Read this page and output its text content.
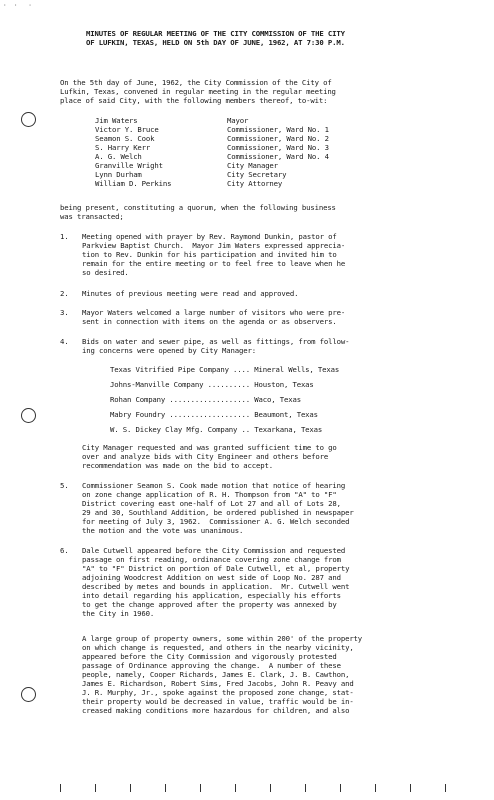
·  ·   ·
MINUTES OF REGULAR MEETING OF THE CITY COMMISSION OF THE CITY
OF LUFKIN, TEXAS, HELD ON 5th DAY OF JUNE, 1962, AT 7:30 P.M.
On the 5th day of June, 1962, the City Commission of the City of
Lufkin, Texas, convened in regular meeting in the regular meeting
place of said City, with the following members thereof, to-wit:
Jim Waters	Mayor
Victor Y. Bruce	Commissioner, Ward No. 1
Seamon S. Cook	Commissioner, Ward No. 2
S. Harry Kerr	Commissioner, Ward No. 3
A. G. Welch	Commissioner, Ward No. 4
Granville Wright	City Manager
Lynn Durham	City Secretary
William D. Perkins	City Attorney
being present, constituting a quorum, when the following business
was transacted;
1. Meeting opened with prayer by Rev. Raymond Dunkin, pastor of
Parkview Baptist Church.  Mayor Jim Waters expressed apprecia-
tion to Rev. Dunkin for his participation and invited him to
remain for the entire meeting or to feel free to leave when he
so desired.
2. Minutes of previous meeting were read and approved.
3. Mayor Waters welcomed a large number of visitors who were pre-
sent in connection with items on the agenda or as observers.
4. Bids on water and sewer pipe, as well as fittings, from follow-
ing concerns were opened by City Manager:
Texas Vitrified Pipe Company .... Mineral Wells, Texas
Johns-Manville Company .......... Houston, Texas
Rohan Company ................... Waco, Texas
Mabry Foundry ................... Beaumont, Texas
W. S. Dickey Clay Mfg. Company .. Texarkana, Texas
City Manager requested and was granted sufficient time to go
over and analyze bids with City Engineer and others before
recommendation was made on the bid to accept.
5. Commissioner Seamon S. Cook made motion that notice of hearing
on zone change application of R. H. Thompson from "A" to "F"
District covering east one-half of Lot 27 and all of Lots 28,
29 and 30, Southland Addition, be ordered published in newspaper
for meeting of July 3, 1962.  Commissioner A. G. Welch seconded
the motion and the vote was unanimous.
6. Dale Cutwell appeared before the City Commission and requested
passage on first reading, ordinance covering zone change from
"A" to "F" District on portion of Dale Cutwell, et al, property
adjoining Woodcrest Addition on west side of Loop No. 287 and
described by metes and bounds in application.  Mr. Cutwell went
into detail regarding his application, especially his efforts
to get the change approved after the property was annexed by
the City in 1960.
A large group of property owners, some within 200' of the property
on which change is requested, and others in the nearby vicinity,
appeared before the City Commission and vigorously protested
passage of Ordinance approving the change.  A number of these
people, namely, Cooper Richards, James E. Clark, J. B. Cawthon,
James E. Richardson, Robert Sims, Fred Jacobs, John R. Peavy and
J. R. Murphy, Jr., spoke against the proposed zone change, stat-
their property would be decreased in value, traffic would be in-
creased making conditions more hazardous for children, and also
